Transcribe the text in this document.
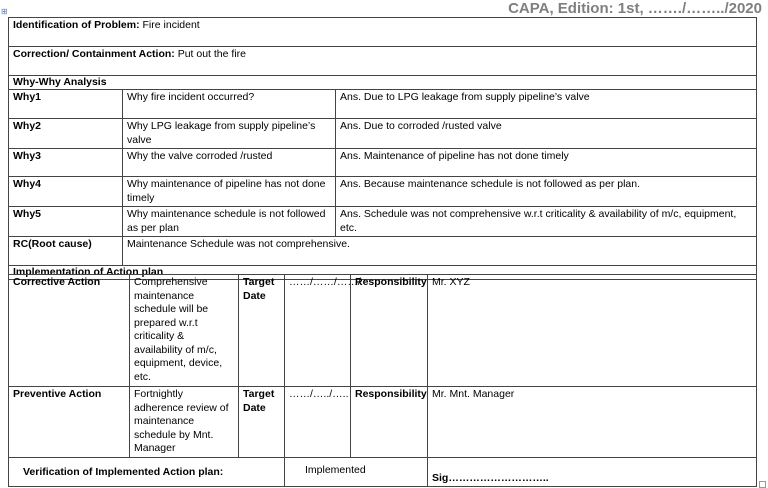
⊞	CAPA, Edition: 1st, ……./……../2020
Identification of Problem: Fire incident		
Correction/ Containment Action: Put out the fire		
Why-Why Analysis		
Why1	Why fire incident occurred?	Ans. Due to LPG leakage from supply pipeline’s valve
Why2	Why LPG leakage from supply pipeline’s valve	Ans. Due to corroded /rusted valve
Why3	Why the valve corroded /rusted	Ans. Maintenance of pipeline has not done timely
Why4	Why maintenance of pipeline has not done timely	Ans. Because maintenance schedule is not followed as per plan.
Why5	Why maintenance schedule is not followed as per plan	Ans. Schedule was not comprehensive w.r.t criticality & availability of m/c, equipment, etc.
RC(Root cause)	Maintenance Schedule was not comprehensive.	
Implementation of Action plan		
Corrective Action	Comprehensive maintenance schedule will be prepared w.r.t criticality & availability of m/c, equipment, device, etc.	Target Date	……/……/……/	Responsibility	Mr. XYZ
Preventive Action	Fortnightly adherence review of maintenance schedule by Mnt. Manager	Target Date	……/…../…..	Responsibility	Mr. Mnt. Manager
Verification of Implemented Action plan:			Implemented		Sig………………………..
